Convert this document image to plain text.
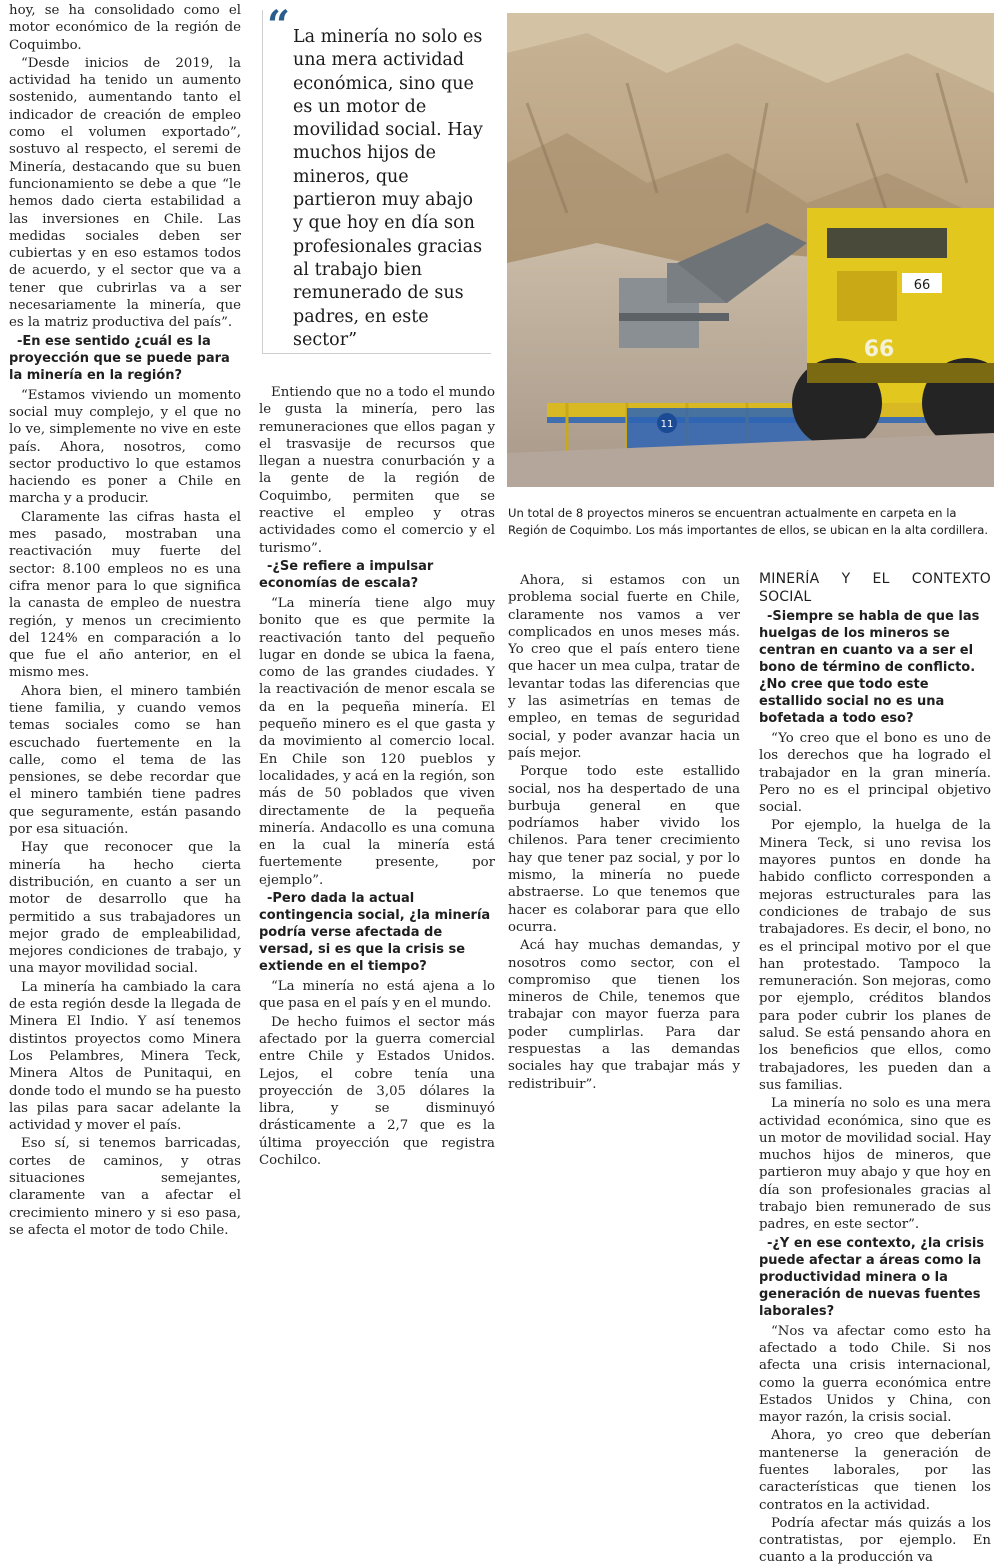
hoy, se ha consolidado como el motor económico de la región de Coquimbo.

“Desde inicios de 2019, la actividad ha tenido un aumento sostenido, aumentando tanto el indicador de creación de empleo como el volumen exportado”, sostuvo al respecto, el seremi de Minería, destacando que su buen funcionamiento se debe a que “le hemos dado cierta estabilidad a las inversiones en Chile. Las medidas sociales deben ser cubiertas y en eso estamos todos de acuerdo, y el sector que va a tener que cubrirlas va a ser necesariamente la minería, que es la matriz productiva del país”.

-En ese sentido ¿cuál es la proyección que se puede para la minería en la región?

“Estamos viviendo un momento social muy complejo, y el que no lo ve, simplemente no vive en este país. Ahora, nosotros, como sector productivo lo que estamos haciendo es poner a Chile en marcha y a producir.

Claramente las cifras hasta el mes pasado, mostraban una reactivación muy fuerte del sector: 8.100 empleos no es una cifra menor para lo que significa la canasta de empleo de nuestra región, y menos un crecimiento del 124% en comparación a lo que fue el año anterior, en el mismo mes.

Ahora bien, el minero también tiene familia, y cuando vemos temas sociales como se han escuchado fuertemente en la calle, como el tema de las pensiones, se debe recordar que el minero también tiene padres que seguramente, están pasando por esa situación.

Hay que reconocer que la minería ha hecho cierta distribución, en cuanto a ser un motor de desarrollo que ha permitido a sus trabajadores un mejor grado de empleabilidad, mejores condiciones de trabajo, y una mayor movilidad social.

La minería ha cambiado la cara de esta región desde la llegada de Minera El Indio. Y así tenemos distintos proyectos como Minera Los Pelambres, Minera Teck, Minera Altos de Punitaqui, en donde todo el mundo se ha puesto las pilas para sacar adelante la actividad y mover el país.

Eso sí, si tenemos barricadas, cortes de caminos, y otras situaciones semejantes, claramente van a afectar el crecimiento minero y si eso pasa, se afecta el motor de todo Chile.

“ La minería no solo es una mera actividad económica, sino que es un motor de movilidad social. Hay muchos hijos de mineros, que partieron muy abajo y que hoy en día son profesionales gracias al trabajo bien remunerado de sus padres, en este sector”

Entiendo que no a todo el mundo le gusta la minería, pero las remuneraciones que ellos pagan y el trasvasije de recursos que llegan a nuestra conurbación y a la gente de la región de Coquimbo, permiten que se reactive el empleo y otras actividades como el comercio y el turismo”.

-¿Se refiere a impulsar economías de escala?

“La minería tiene algo muy bonito que es que permite la reactivación tanto del pequeño lugar en donde se ubica la faena, como de las grandes ciudades. Y la reactivación de menor escala se da en la pequeña minería. El pequeño minero es el que gasta y da movimiento al comercio local. En Chile son 120 pueblos y localidades, y acá en la región, son más de 50 poblados que viven directamente de la pequeña minería. Andacollo es una comuna en la cual la minería está fuertemente presente, por ejemplo”.

-Pero dada la actual contingencia social, ¿la minería podría verse afectada de versad, si es que la crisis se extiende en el tiempo?

“La minería no está ajena a lo que pasa en el país y en el mundo.

De hecho fuimos el sector más afectado por la guerra comercial entre Chile y Estados Unidos. Lejos, el cobre tenía una proyección de 3,05 dólares la libra, y se disminuyó drásticamente a 2,7 que es la última proyección que registra Cochilco.

66
66
11

Un total de 8 proyectos mineros se encuentran actualmente en carpeta en la Región de Coquimbo. Los más importantes de ellos, se ubican en la alta cordillera.

Ahora, si estamos con un problema social fuerte en Chile, claramente nos vamos a ver complicados en unos meses más. Yo creo que el país entero tiene que hacer un mea culpa, tratar de levantar todas las diferencias que y las asimetrías en temas de empleo, en temas de seguridad social, y poder avanzar hacia un país mejor.

Porque todo este estallido social, nos ha despertado de una burbuja general en que podríamos haber vivido los chilenos. Para tener crecimiento hay que tener paz social, y por lo mismo, la minería no puede abstraerse. Lo que tenemos que hacer es colaborar para que ello ocurra.

Acá hay muchas demandas, y nosotros como sector, con el compromiso que tienen los mineros de Chile, tenemos que trabajar con mayor fuerza para poder cumplirlas. Para dar respuestas a las demandas sociales hay que trabajar más y redistribuir”.

MINERÍA Y EL CONTEXTO SOCIAL

-Siempre se habla de que las huelgas de los mineros se centran en cuanto va a ser el bono de término de conflicto. ¿No cree que todo este estallido social no es una bofetada a todo eso?

“Yo creo que el bono es uno de los derechos que ha logrado el trabajador en la gran minería. Pero no es el principal objetivo social.

Por ejemplo, la huelga de la Minera Teck, si uno revisa los mayores puntos en donde ha habido conflicto corresponden a mejoras estructurales para las condiciones de trabajo de sus trabajadores. Es decir, el bono, no es el principal motivo por el que han protestado. Tampoco la remuneración. Son mejoras, como por ejemplo, créditos blandos para poder cubrir los planes de salud. Se está pensando ahora en los beneficios que ellos, como trabajadores, les pueden dan a sus familias.

La minería no solo es una mera actividad económica, sino que es un motor de movilidad social. Hay muchos hijos de mineros, que partieron muy abajo y que hoy en día son profesionales gracias al trabajo bien remunerado de sus padres, en este sector”.

-¿Y en ese contexto, ¿la crisis puede afectar a áreas como la productividad minera o la generación de nuevas fuentes laborales?

“Nos va afectar como esto ha afectado a todo Chile. Si nos afecta una crisis internacional, como la guerra económica entre Estados Unidos y China, con mayor razón, la crisis social.

Ahora, yo creo que deberían mantenerse la generación de fuentes laborales, por las características que tienen los contratos en la actividad.

Podría afectar más quizás a los contratistas, por ejemplo. En cuanto a la producción va
